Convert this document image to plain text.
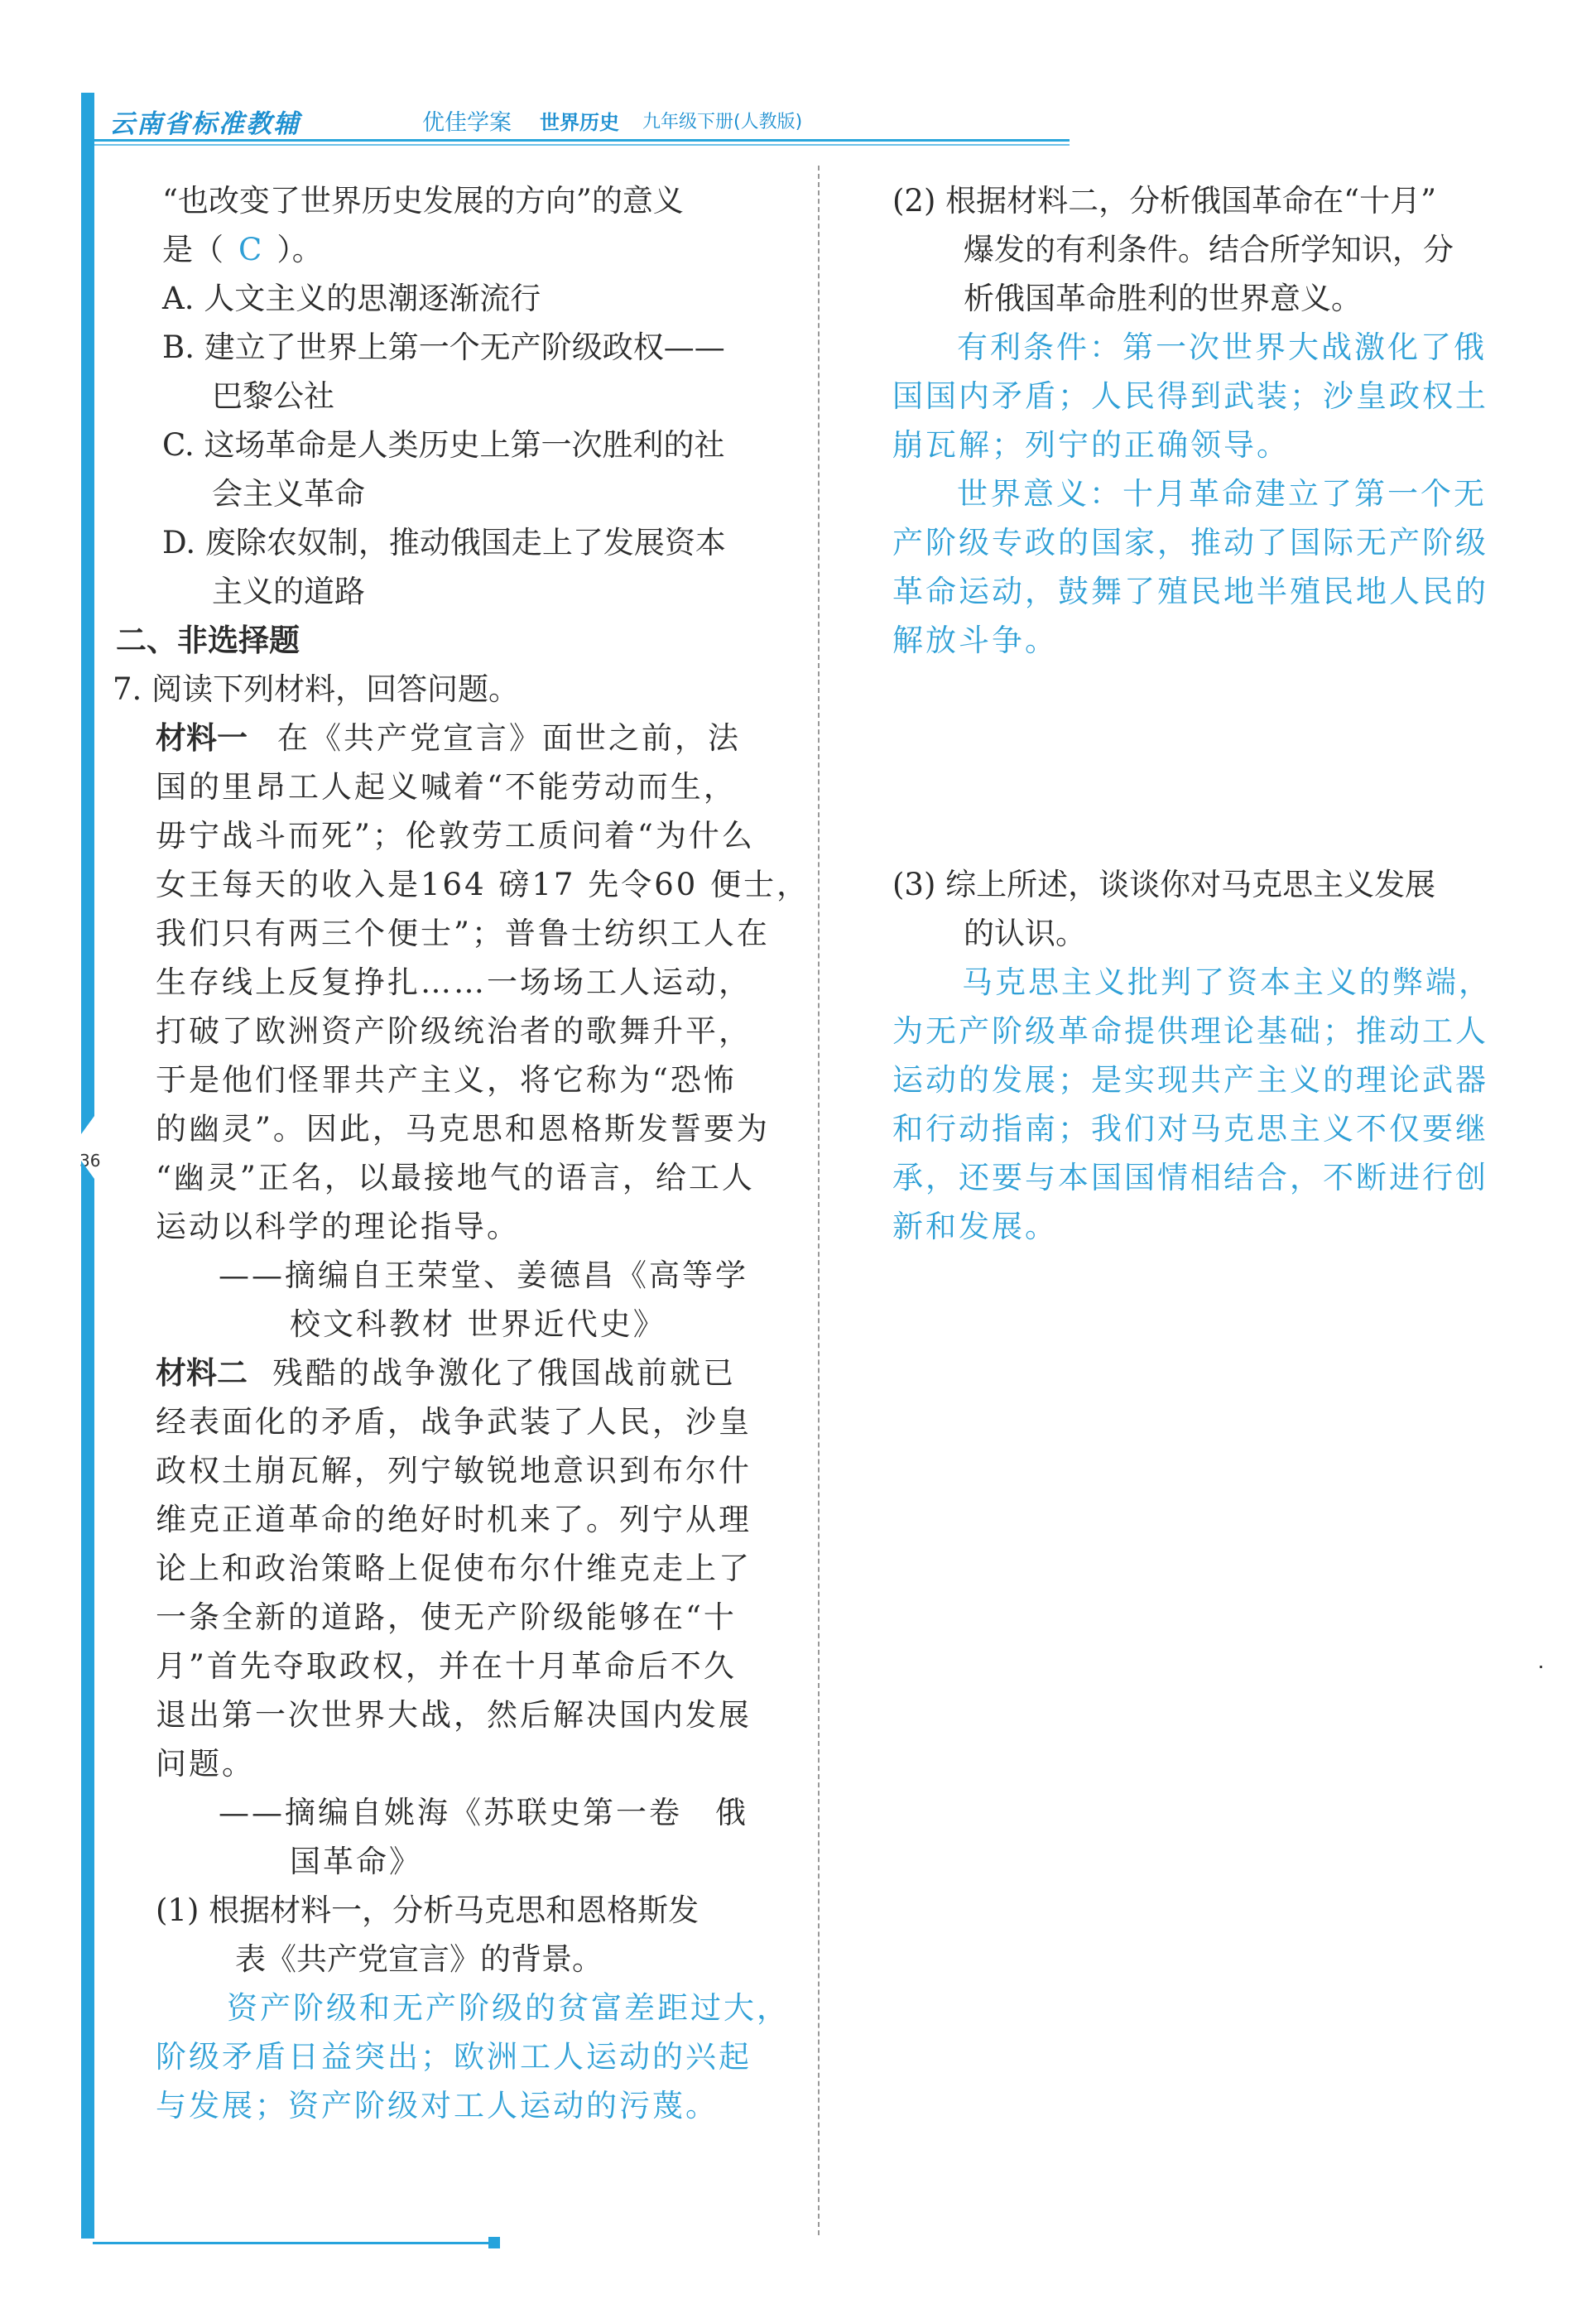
云南省标准教辅	优佳学案 世界历史 九年级下册(人教版)
36
“也改变了世界历史发展的方向”的意义
是（ C ）。
A. 人文主义的思潮逐渐流行
B. 建立了世界上第一个无产阶级政权——
巴黎公社
C. 这场革命是人类历史上第一次胜利的社
会主义革命
D. 废除农奴制，推动俄国走上了发展资本
主义的道路
二、非选择题
7. 阅读下列材料，回答问题。
材料一 在《共产党宣言》面世之前，法
国的里昂工人起义喊着“不能劳动而生，
毋宁战斗而死”；伦敦劳工质问着“为什么
女王每天的收入是164 磅17 先令60 便士，
我们只有两三个便士”；普鲁士纺织工人在
生存线上反复挣扎……一场场工人运动，
打破了欧洲资产阶级统治者的歌舞升平，
于是他们怪罪共产主义，将它称为“恐怖
的幽灵”。因此，马克思和恩格斯发誓要为
“幽灵”正名，以最接地气的语言，给工人
运动以科学的理论指导。
——摘编自王荣堂、姜德昌《高等学
校文科教材 世界近代史》
材料二 残酷的战争激化了俄国战前就已
经表面化的矛盾，战争武装了人民，沙皇
政权土崩瓦解，列宁敏锐地意识到布尔什
维克正道革命的绝好时机来了。列宁从理
论上和政治策略上促使布尔什维克走上了
一条全新的道路，使无产阶级能够在“十
月”首先夺取政权，并在十月革命后不久
退出第一次世界大战，然后解决国内发展
问题。
——摘编自姚海《苏联史第一卷　俄
国革命》
(1) 根据材料一，分析马克思和恩格斯发
表《共产党宣言》的背景。
资产阶级和无产阶级的贫富差距过大，
阶级矛盾日益突出；欧洲工人运动的兴起
与发展；资产阶级对工人运动的污蔑。
(2) 根据材料二，分析俄国革命在“十月”
爆发的有利条件。结合所学知识，分
析俄国革命胜利的世界意义。
有利条件：第一次世界大战激化了俄
国国内矛盾；人民得到武装；沙皇政权土
崩瓦解；列宁的正确领导。
世界意义：十月革命建立了第一个无
产阶级专政的国家，推动了国际无产阶级
革命运动，鼓舞了殖民地半殖民地人民的
解放斗争。
(3) 综上所述，谈谈你对马克思主义发展
的认识。
马克思主义批判了资本主义的弊端，
为无产阶级革命提供理论基础；推动工人
运动的发展；是实现共产主义的理论武器
和行动指南；我们对马克思主义不仅要继
承，还要与本国国情相结合，不断进行创
新和发展。
